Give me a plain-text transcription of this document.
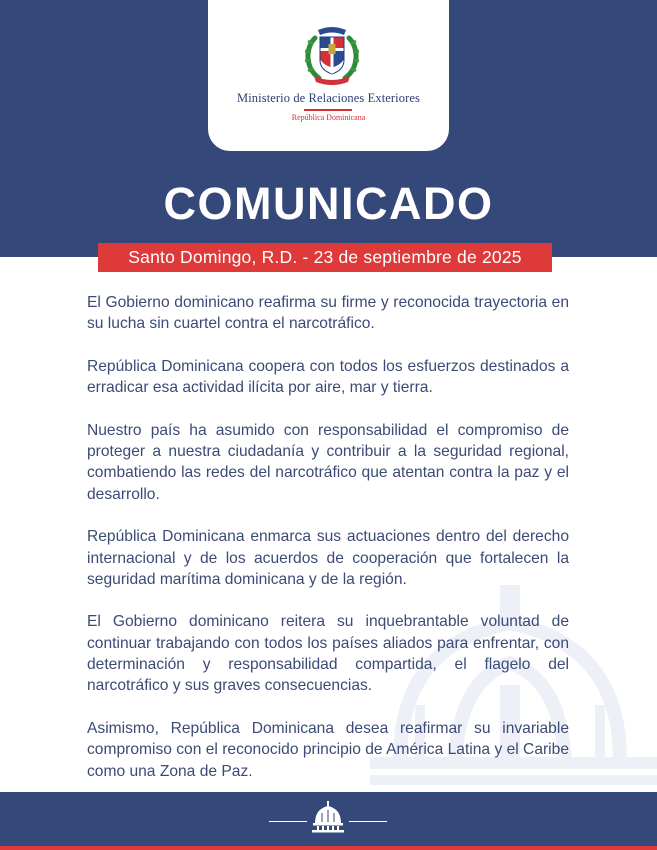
Ministerio de Relaciones Exteriores
República Dominicana
COMUNICADO
Santo Domingo, R.D. - 23 de septiembre de 2025

El Gobierno dominicano reafirma su firme y reconocida trayectoria en su lucha sin cuartel contra el narcotráfico.

República Dominicana coopera con todos los esfuerzos destinados a erradicar esa actividad ilícita por aire, mar y tierra.

Nuestro país ha asumido con responsabilidad el compromiso de proteger a nuestra ciudadanía y contribuir a la seguridad regional, combatiendo las redes del narcotráfico que atentan contra la paz y el desarrollo.

República Dominicana enmarca sus actuaciones dentro del derecho internacional y de los acuerdos de cooperación que fortalecen la seguridad marítima dominicana y de la región.

El Gobierno dominicano reitera su inquebrantable voluntad de continuar trabajando con todos los países aliados para enfrentar, con determinación y responsabilidad compartida, el flagelo del narcotráfico y sus graves consecuencias.

Asimismo, República Dominicana desea reafirmar su invariable compromiso con el reconocido principio de América Latina y el Caribe como una Zona de Paz.
